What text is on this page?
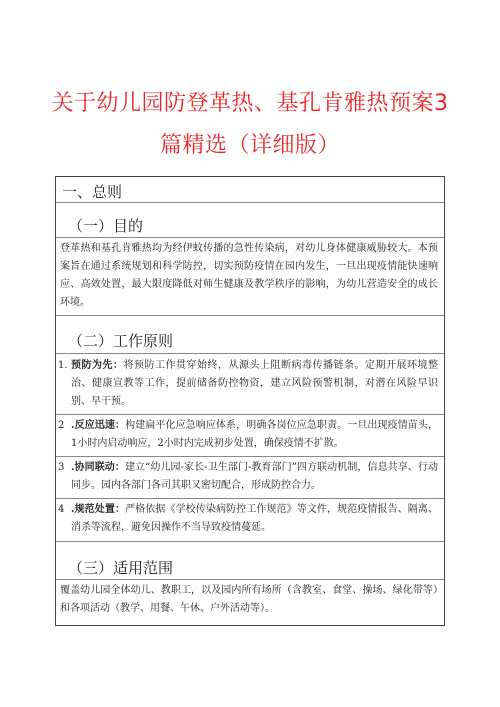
关于幼儿园防登革热、基孔肯雅热预案3
篇精选（详细版）
一、总则
（一）目的
登革热和基孔肯雅热均为经伊蚊传播的急性传染病，对幼儿身体健康威胁较大。本预案旨在通过系统规划和科学防控，切实预防疫情在园内发生，一旦出现疫情能快速响应、高效处置，最大限度降低对师生健康及教学秩序的影响，为幼儿营造安全的成长环境。
（二）工作原则
1. 预防为先：将预防工作贯穿始终，从源头上阻断病毒传播链条。定期开展环境整治、健康宣教等工作，提前储备防控物资，建立风险预警机制，对潜在风险早识别、早干预。
2 .反应迅速：构建扁平化应急响应体系，明确各岗位应急职责。一旦出现疫情苗头，1小时内启动响应，2小时内完成初步处置，确保疫情不扩散。
3 .协同联动：建立“幼儿园-家长-卫生部门-教育部门”四方联动机制，信息共享、行动同步。园内各部门各司其职又密切配合，形成防控合力。
4 .规范处置：严格依据《学校传染病防控工作规范》等文件，规范疫情报告、隔离、消杀等流程，避免因操作不当导致疫情蔓延。
（三）适用范围
覆盖幼儿园全体幼儿、教职工，以及园内所有场所（含教室、食堂、操场、绿化带等）和各项活动（教学、用餐、午休、户外活动等）。
